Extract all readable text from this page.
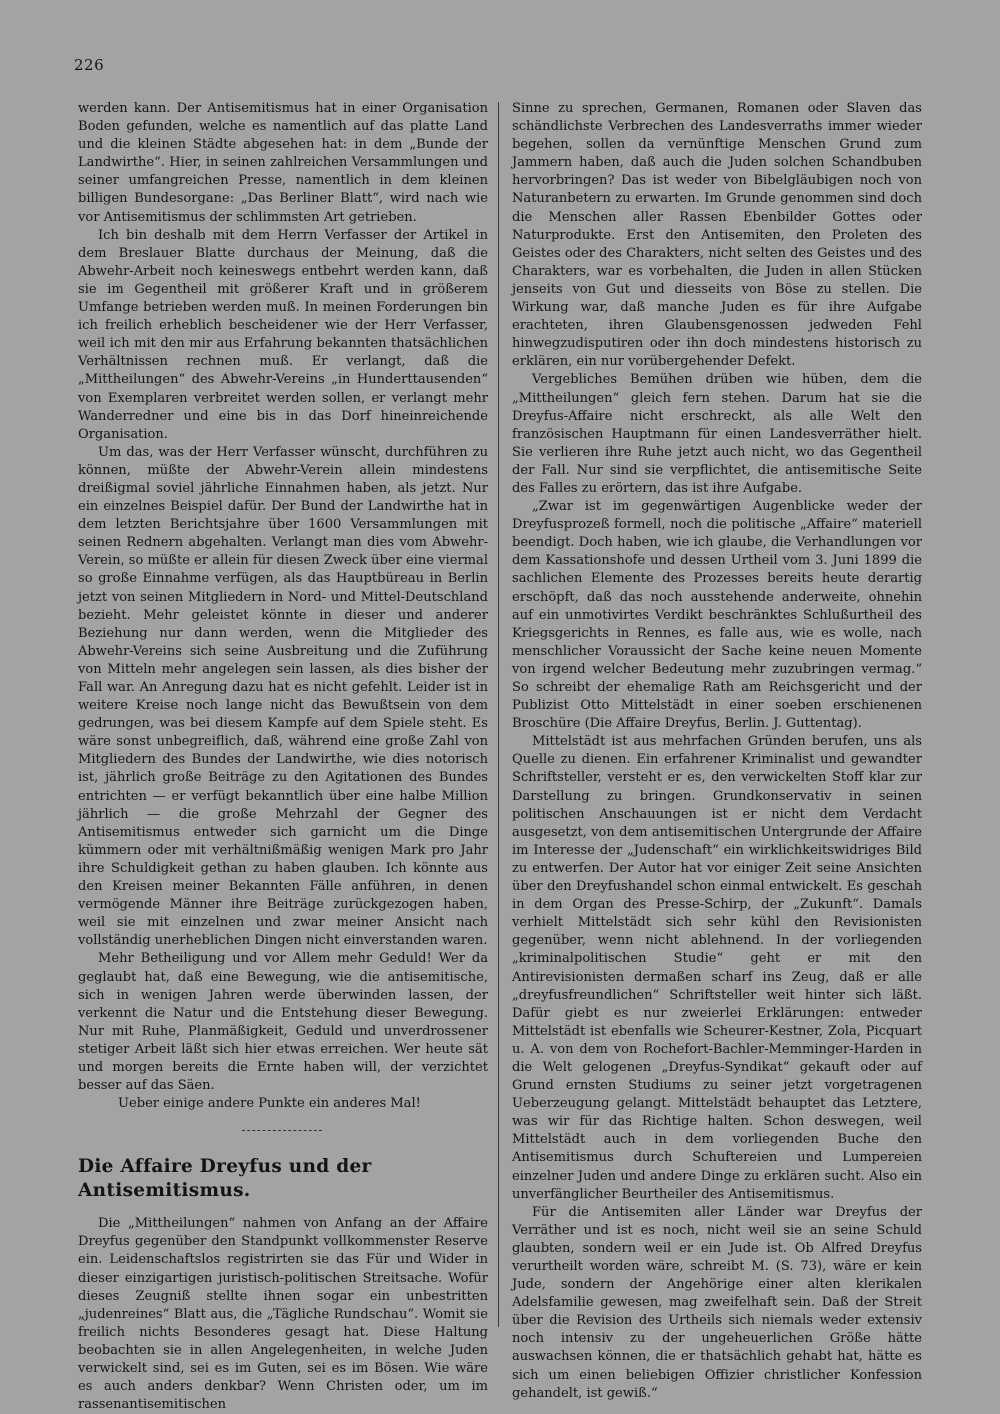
226

werden kann. Der Antisemitismus hat in einer Organisation Boden gefunden, welche es namentlich auf das platte Land und die kleinen Städte abgesehen hat: in dem „Bunde der Landwirthe“. Hier, in seinen zahlreichen Versammlungen und seiner umfangreichen Presse, namentlich in dem kleinen billigen Bundesorgane: „Das Berliner Blatt“, wird nach wie vor Antisemitismus der schlimmsten Art getrieben.

Ich bin deshalb mit dem Herrn Verfasser der Artikel in dem Breslauer Blatte durchaus der Meinung, daß die Abwehr-Arbeit noch keineswegs entbehrt werden kann, daß sie im Gegentheil mit größerer Kraft und in größerem Umfange betrieben werden muß. In meinen Forderungen bin ich freilich erheblich bescheidener wie der Herr Verfasser, weil ich mit den mir aus Erfahrung bekannten thatsächlichen Verhältnissen rechnen muß. Er verlangt, daß die „Mittheilungen“ des Abwehr-Vereins „in Hunderttausenden“ von Exemplaren verbreitet werden sollen, er verlangt mehr Wanderredner und eine bis in das Dorf hineinreichende Organisation.

Um das, was der Herr Verfasser wünscht, durchführen zu können, müßte der Abwehr-Verein allein mindestens dreißigmal soviel jährliche Einnahmen haben, als jetzt. Nur ein einzelnes Beispiel dafür. Der Bund der Landwirthe hat in dem letzten Berichtsjahre über 1600 Versammlungen mit seinen Rednern abgehalten. Verlangt man dies vom Abwehr-Verein, so müßte er allein für diesen Zweck über eine viermal so große Einnahme verfügen, als das Hauptbüreau in Berlin jetzt von seinen Mitgliedern in Nord- und Mittel-Deutschland bezieht. Mehr geleistet könnte in dieser und anderer Beziehung nur dann werden, wenn die Mitglieder des Abwehr-Vereins sich seine Ausbreitung und die Zuführung von Mitteln mehr angelegen sein lassen, als dies bisher der Fall war. An Anregung dazu hat es nicht gefehlt. Leider ist in weitere Kreise noch lange nicht das Bewußtsein von dem gedrungen, was bei diesem Kampfe auf dem Spiele steht. Es wäre sonst unbegreiflich, daß, während eine große Zahl von Mitgliedern des Bundes der Landwirthe, wie dies notorisch ist, jährlich große Beiträge zu den Agitationen des Bundes entrichten — er verfügt bekanntlich über eine halbe Million jährlich — die große Mehrzahl der Gegner des Antisemitismus entweder sich garnicht um die Dinge kümmern oder mit verhältnißmäßig wenigen Mark pro Jahr ihre Schuldigkeit gethan zu haben glauben. Ich könnte aus den Kreisen meiner Bekannten Fälle anführen, in denen vermögende Männer ihre Beiträge zurückgezogen haben, weil sie mit einzelnen und zwar meiner Ansicht nach vollständig unerheblichen Dingen nicht einverstanden waren.

Mehr Betheiligung und vor Allem mehr Geduld! Wer da geglaubt hat, daß eine Bewegung, wie die antisemitische, sich in wenigen Jahren werde überwinden lassen, der verkennt die Natur und die Entstehung dieser Bewegung. Nur mit Ruhe, Planmäßigkeit, Geduld und unverdrossener stetiger Arbeit läßt sich hier etwas erreichen. Wer heute sät und morgen bereits die Ernte haben will, der verzichtet besser auf das Säen.

Ueber einige andere Punkte ein anderes Mal!

Die Affaire Dreyfus und der Antisemitismus.

Die „Mittheilungen“ nahmen von Anfang an der Affaire Dreyfus gegenüber den Standpunkt vollkommenster Reserve ein. Leidenschaftslos registrirten sie das Für und Wider in dieser einzigartigen juristisch-politischen Streitsache. Wofür dieses Zeugniß stellte ihnen sogar ein unbestritten „judenreines“ Blatt aus, die „Tägliche Rundschau“. Womit sie freilich nichts Besonderes gesagt hat. Diese Haltung beobachten sie in allen Angelegenheiten, in welche Juden verwickelt sind, sei es im Guten, sei es im Bösen. Wie wäre es auch anders denkbar? Wenn Christen oder, um im rassenantisemitischen

Sinne zu sprechen, Germanen, Romanen oder Slaven das schändlichste Verbrechen des Landesverraths immer wieder begehen, sollen da vernünftige Menschen Grund zum Jammern haben, daß auch die Juden solchen Schandbuben hervorbringen? Das ist weder von Bibelgläubigen noch von Naturanbetern zu erwarten. Im Grunde genommen sind doch die Menschen aller Rassen Ebenbilder Gottes oder Naturprodukte. Erst den Antisemiten, den Proleten des Geistes oder des Charakters, nicht selten des Geistes und des Charakters, war es vorbehalten, die Juden in allen Stücken jenseits von Gut und diesseits von Böse zu stellen. Die Wirkung war, daß manche Juden es für ihre Aufgabe erachteten, ihren Glaubensgenossen jedweden Fehl hinwegzudisputiren oder ihn doch mindestens historisch zu erklären, ein nur vorübergehender Defekt.

Vergebliches Bemühen drüben wie hüben, dem die „Mittheilungen“ gleich fern stehen. Darum hat sie die Dreyfus-Affaire nicht erschreckt, als alle Welt den französischen Hauptmann für einen Landesverräther hielt. Sie verlieren ihre Ruhe jetzt auch nicht, wo das Gegentheil der Fall. Nur sind sie verpflichtet, die antisemitische Seite des Falles zu erörtern, das ist ihre Aufgabe.

„Zwar ist im gegenwärtigen Augenblicke weder der Dreyfusprozeß formell, noch die politische „Affaire“ materiell beendigt. Doch haben, wie ich glaube, die Verhandlungen vor dem Kassationshofe und dessen Urtheil vom 3. Juni 1899 die sachlichen Elemente des Prozesses bereits heute derartig erschöpft, daß das noch ausstehende anderweite, ohnehin auf ein unmotivirtes Verdikt beschränktes Schlußurtheil des Kriegsgerichts in Rennes, es falle aus, wie es wolle, nach menschlicher Voraussicht der Sache keine neuen Momente von irgend welcher Bedeutung mehr zuzubringen vermag.“ So schreibt der ehemalige Rath am Reichsgericht und der Publizist Otto Mittelstädt in einer soeben erschienenen Broschüre (Die Affaire Dreyfus, Berlin. J. Guttentag).

Mittelstädt ist aus mehrfachen Gründen berufen, uns als Quelle zu dienen. Ein erfahrener Kriminalist und gewandter Schriftsteller, versteht er es, den verwickelten Stoff klar zur Darstellung zu bringen. Grundkonservativ in seinen politischen Anschauungen ist er nicht dem Verdacht ausgesetzt, von dem antisemitischen Untergrunde der Affaire im Interesse der „Judenschaft“ ein wirklichkeitswidriges Bild zu entwerfen. Der Autor hat vor einiger Zeit seine Ansichten über den Dreyfushandel schon einmal entwickelt. Es geschah in dem Organ des Presse-Schirp, der „Zukunft“. Damals verhielt Mittelstädt sich sehr kühl den Revisionisten gegenüber, wenn nicht ablehnend. In der vorliegenden „kriminalpolitischen Studie“ geht er mit den Antirevisionisten dermaßen scharf ins Zeug, daß er alle „dreyfusfreundlichen“ Schriftsteller weit hinter sich läßt. Dafür giebt es nur zweierlei Erklärungen: entweder Mittelstädt ist ebenfalls wie Scheurer-Kestner, Zola, Picquart u. A. von dem von Rochefort-Bachler-Memminger-Harden in die Welt gelogenen „Dreyfus-Syndikat“ gekauft oder auf Grund ernsten Studiums zu seiner jetzt vorgetragenen Ueberzeugung gelangt. Mittelstädt behauptet das Letztere, was wir für das Richtige halten. Schon deswegen, weil Mittelstädt auch in dem vorliegenden Buche den Antisemitismus durch Schuftereien und Lumpereien einzelner Juden und andere Dinge zu erklären sucht. Also ein unverfänglicher Beurtheiler des Antisemitismus.

Für die Antisemiten aller Länder war Dreyfus der Verräther und ist es noch, nicht weil sie an seine Schuld glaubten, sondern weil er ein Jude ist. Ob Alfred Dreyfus verurtheilt worden wäre, schreibt M. (S. 73), wäre er kein Jude, sondern der Angehörige einer alten klerikalen Adelsfamilie gewesen, mag zweifelhaft sein. Daß der Streit über die Revision des Urtheils sich niemals weder extensiv noch intensiv zu der ungeheuerlichen Größe hätte auswachsen können, die er thatsächlich gehabt hat, hätte es sich um einen beliebigen Offizier christlicher Konfession gehandelt, ist gewiß.“
